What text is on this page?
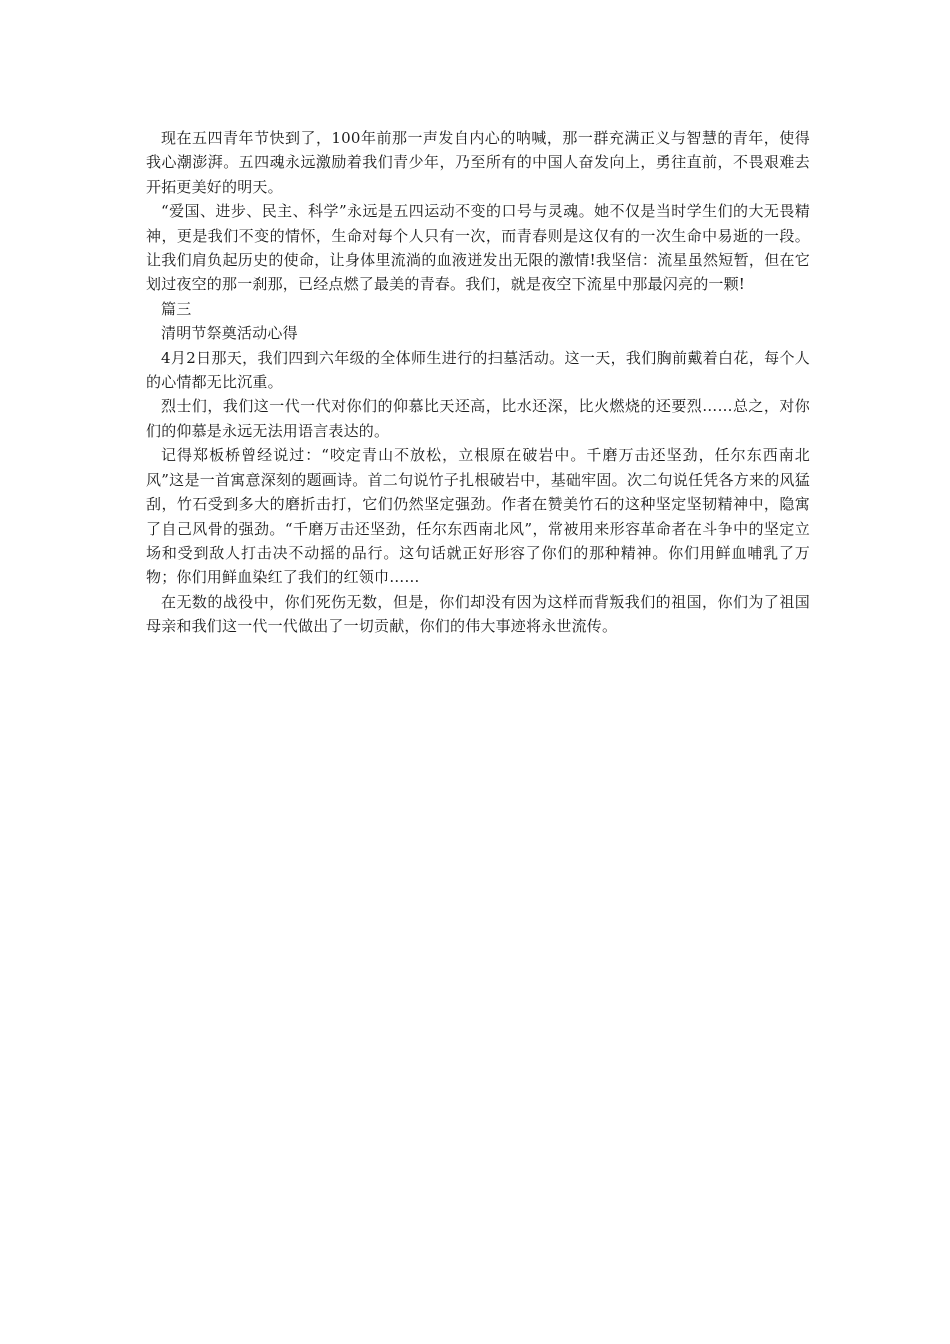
现在五四青年节快到了，100年前那一声发自内心的呐喊，那一群充满正义与智慧的青年，使得我心潮澎湃。五四魂永远激励着我们青少年，乃至所有的中国人奋发向上，勇往直前，不畏艰难去开拓更美好的明天。

“爱国、进步、民主、科学”永远是五四运动不变的口号与灵魂。她不仅是当时学生们的大无畏精神，更是我们不变的情怀，生命对每个人只有一次，而青春则是这仅有的一次生命中易逝的一段。让我们肩负起历史的使命，让身体里流淌的血液迸发出无限的激情!我坚信：流星虽然短暂，但在它划过夜空的那一刹那，已经点燃了最美的青春。我们，就是夜空下流星中那最闪亮的一颗!

篇三

清明节祭奠活动心得

4月2日那天，我们四到六年级的全体师生进行的扫墓活动。这一天，我们胸前戴着白花，每个人的心情都无比沉重。

烈士们，我们这一代一代对你们的仰慕比天还高，比水还深，比火燃烧的还要烈……总之，对你们的仰慕是永远无法用语言表达的。

记得郑板桥曾经说过：“咬定青山不放松，立根原在破岩中。千磨万击还坚劲，任尔东西南北风”这是一首寓意深刻的题画诗。首二句说竹子扎根破岩中，基础牢固。次二句说任凭各方来的风猛刮，竹石受到多大的磨折击打，它们仍然坚定强劲。作者在赞美竹石的这种坚定坚韧精神中，隐寓了自己风骨的强劲。“千磨万击还坚劲，任尔东西南北风”，常被用来形容革命者在斗争中的坚定立场和受到敌人打击决不动摇的品行。这句话就正好形容了你们的那种精神。你们用鲜血哺乳了万物；你们用鲜血染红了我们的红领巾……

在无数的战役中，你们死伤无数，但是，你们却没有因为这样而背叛我们的祖国，你们为了祖国母亲和我们这一代一代做出了一切贡献，你们的伟大事迹将永世流传。
